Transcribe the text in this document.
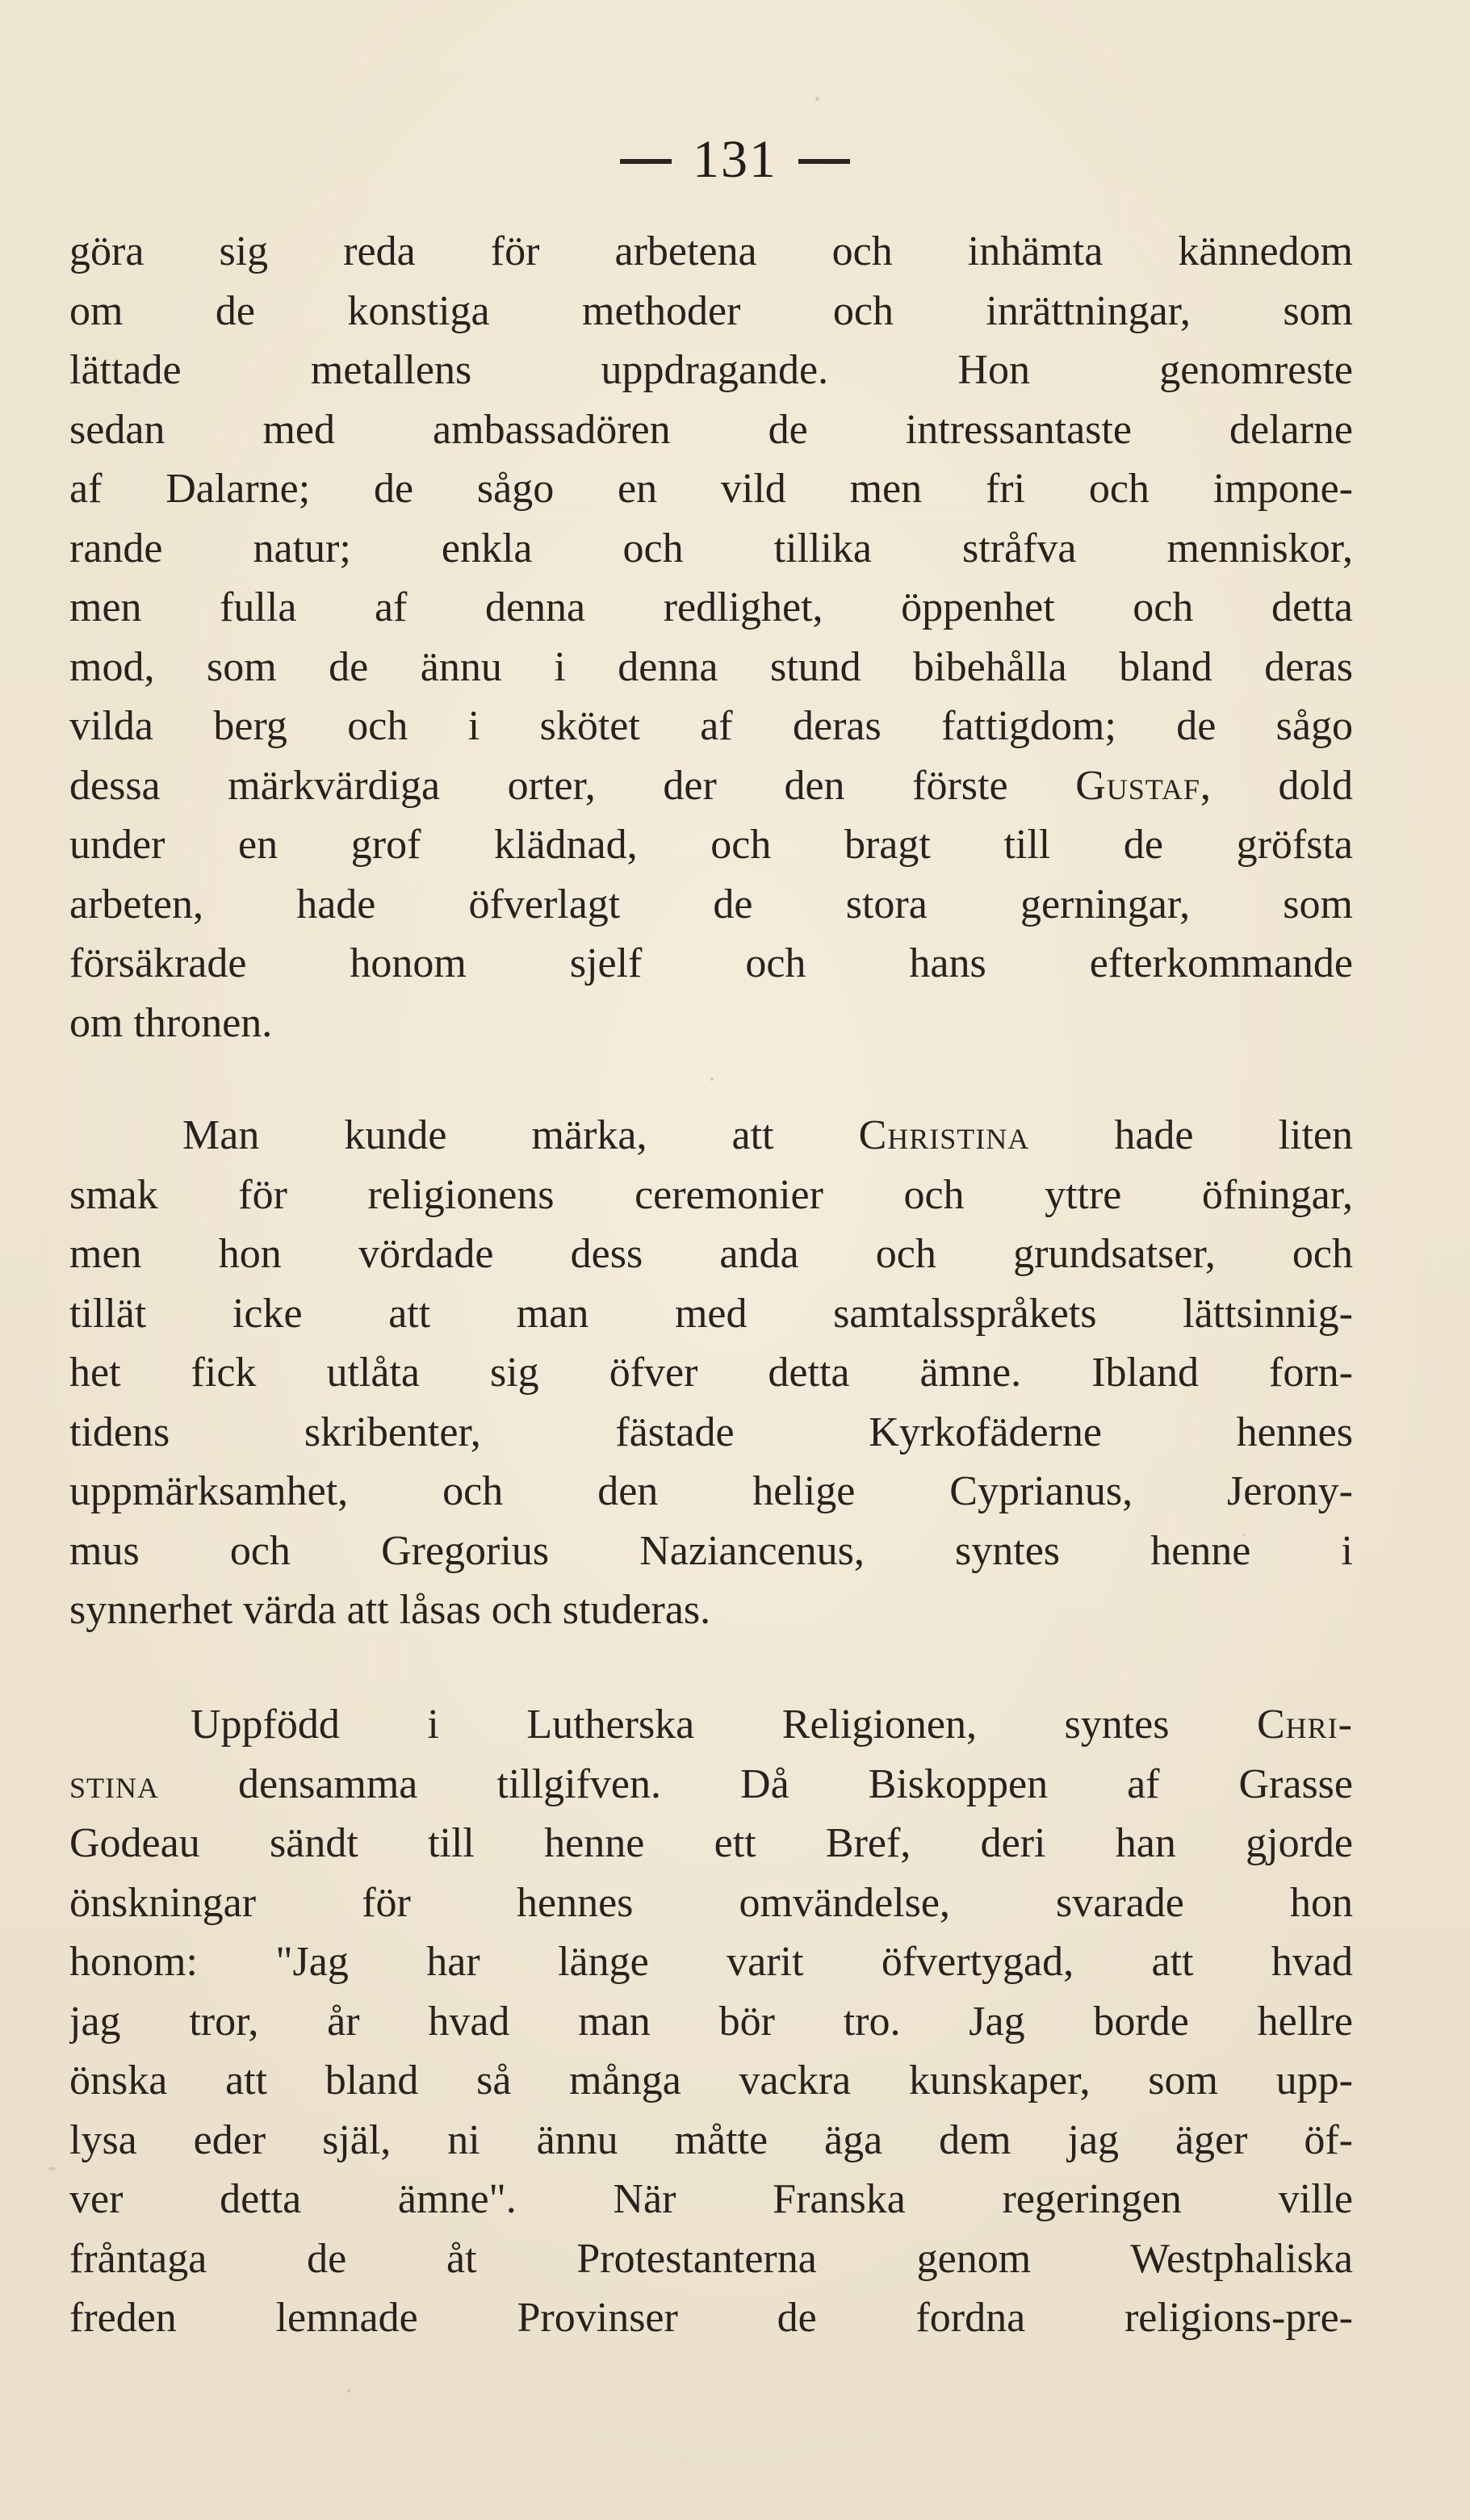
131
göra sig reda för arbetena och inhämta kännedom
om de konstiga methoder och inrättningar, som
lättade metallens uppdragande. Hon genomreste
sedan med ambassadören de intressantaste delarne
af Dalarne; de sågo en vild men fri och impone-
rande natur; enkla och tillika stråfva menniskor,
men fulla af denna redlighet, öppenhet och detta
mod, som de ännu i denna stund bibehålla bland deras
vilda berg och i skötet af deras fattigdom; de sågo
dessa märkvärdiga orter, der den förste Gustaf, dold
under en grof klädnad, och bragt till de gröfsta
arbeten, hade öfverlagt de stora gerningar, som
försäkrade honom sjelf och hans efterkommande
om thronen.
Man kunde märka, att Christina hade liten
smak för religionens ceremonier och yttre öfningar,
men hon vördade dess anda och grundsatser, och
tillät icke att man med samtalsspråkets lättsinnig-
het fick utlåta sig öfver detta ämne. Ibland forn-
tidens skribenter, fästade Kyrkofäderne hennes
uppmärksamhet, och den helige Cyprianus, Jerony-
mus och Gregorius Naziancenus, syntes henne i
synnerhet värda att låsas och studeras.
Uppfödd i Lutherska Religionen, syntes Chri-
stina densamma tillgifven. Då Biskoppen af Grasse
Godeau sändt till henne ett Bref, deri han gjorde
önskningar för hennes omvändelse, svarade hon
honom: "Jag har länge varit öfvertygad, att hvad
jag tror, år hvad man bör tro. Jag borde hellre
önska att bland så många vackra kunskaper, som upp-
lysa eder själ, ni ännu måtte äga dem jag äger öf-
ver detta ämne". När Franska regeringen ville
fråntaga de åt Protestanterna genom Westphaliska
freden lemnade Provinser de fordna religions-pre-
